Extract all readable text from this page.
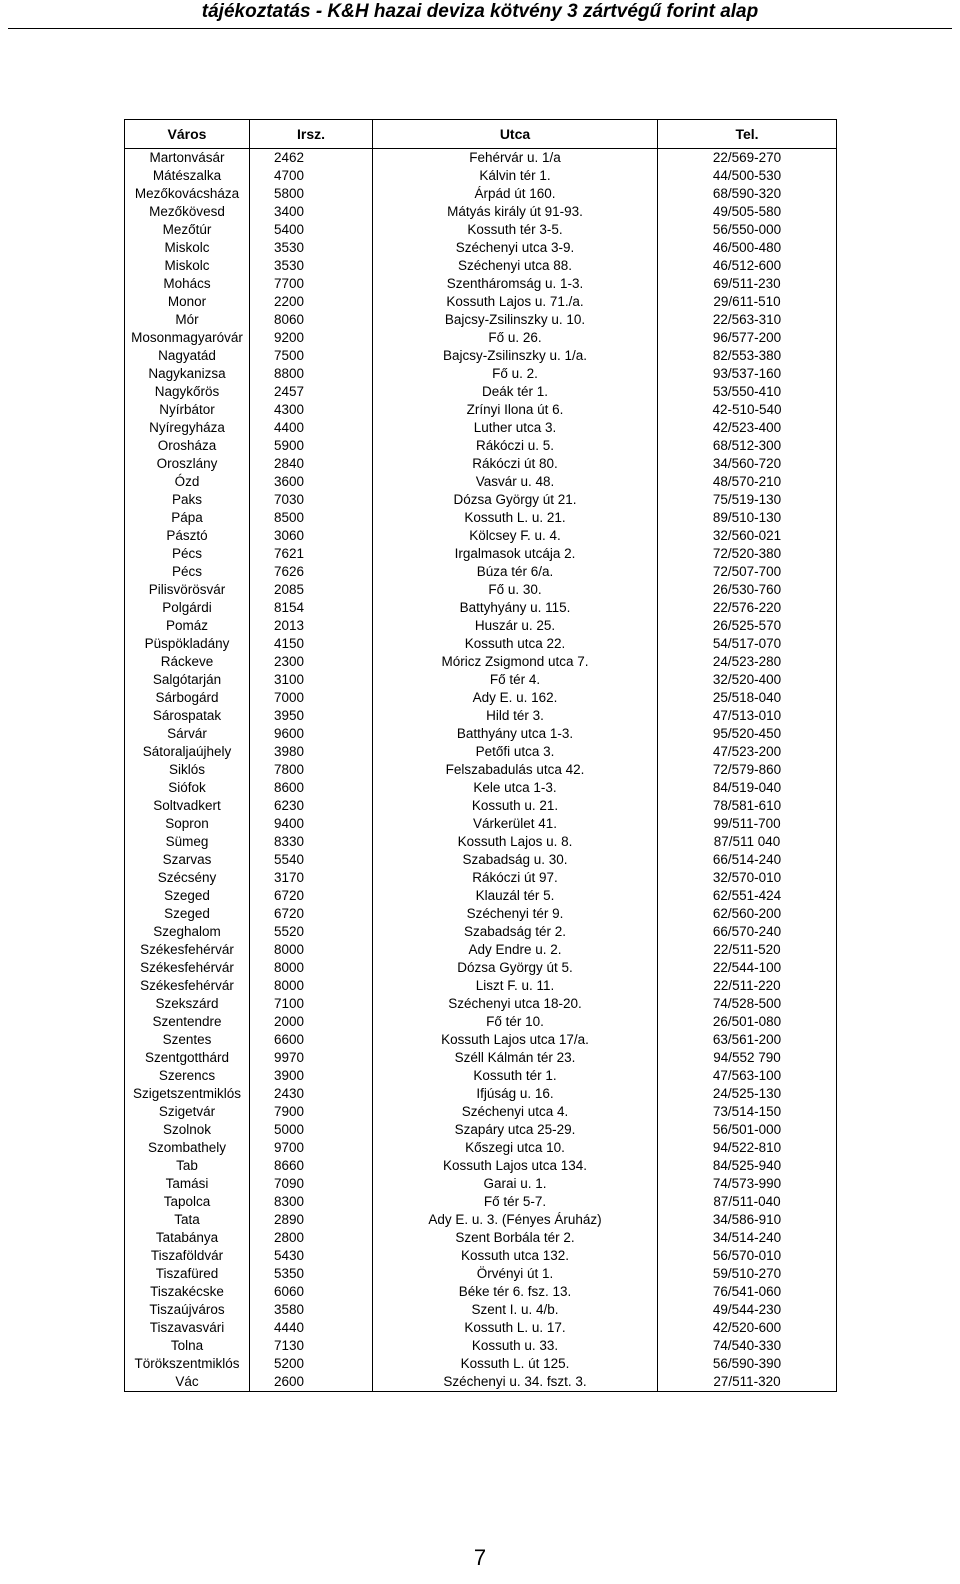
tájékoztatás - K&H hazai deviza kötvény 3 zártvégű forint alap
Város	Irsz.	Utca	Tel.
Martonvásár	2462	Fehérvár u. 1/a	22/569-270
Mátészalka	4700	Kálvin tér 1.	44/500-530
Mezőkovácsháza	5800	Árpád út 160.	68/590-320
Mezőkövesd	3400	Mátyás király út 91-93.	49/505-580
Mezőtúr	5400	Kossuth tér 3-5.	56/550-000
Miskolc	3530	Széchenyi utca 3-9.	46/500-480
Miskolc	3530	Széchenyi utca 88.	46/512-600
Mohács	7700	Szentháromság u. 1-3.	69/511-230
Monor	2200	Kossuth Lajos u. 71./a.	29/611-510
Mór	8060	Bajcsy-Zsilinszky u. 10.	22/563-310
Mosonmagyaróvár	9200	Fő u. 26.	96/577-200
Nagyatád	7500	Bajcsy-Zsilinszky u. 1/a.	82/553-380
Nagykanizsa	8800	Fő u. 2.	93/537-160
Nagykőrös	2457	Deák tér 1.	53/550-410
Nyírbátor	4300	Zrínyi Ilona út 6.	42-510-540
Nyíregyháza	4400	Luther utca 3.	42/523-400
Orosháza	5900	Rákóczi u. 5.	68/512-300
Oroszlány	2840	Rákóczi út 80.	34/560-720
Ózd	3600	Vasvár u. 48.	48/570-210
Paks	7030	Dózsa György út 21.	75/519-130
Pápa	8500	Kossuth L. u. 21.	89/510-130
Pásztó	3060	Kölcsey F. u. 4.	32/560-021
Pécs	7621	Irgalmasok utcája 2.	72/520-380
Pécs	7626	Búza tér 6/a.	72/507-700
Pilisvörösvár	2085	Fő u. 30.	26/530-760
Polgárdi	8154	Battyhyány u. 115.	22/576-220
Pomáz	2013	Huszár u. 25.	26/525-570
Püspökladány	4150	Kossuth utca 22.	54/517-070
Ráckeve	2300	Móricz Zsigmond utca 7.	24/523-280
Salgótarján	3100	Fő tér 4.	32/520-400
Sárbogárd	7000	Ady E. u. 162.	25/518-040
Sárospatak	3950	Hild tér 3.	47/513-010
Sárvár	9600	Batthyány utca 1-3.	95/520-450
Sátoraljaújhely	3980	Petőfi utca 3.	47/523-200
Siklós	7800	Felszabadulás utca 42.	72/579-860
Siófok	8600	Kele utca 1-3.	84/519-040
Soltvadkert	6230	Kossuth u. 21.	78/581-610
Sopron	9400	Várkerület 41.	99/511-700
Sümeg	8330	Kossuth Lajos u. 8.	87/511 040
Szarvas	5540	Szabadság u. 30.	66/514-240
Szécsény	3170	Rákóczi út 97.	32/570-010
Szeged	6720	Klauzál tér 5.	62/551-424
Szeged	6720	Széchenyi tér 9.	62/560-200
Szeghalom	5520	Szabadság tér 2.	66/570-240
Székesfehérvár	8000	Ady Endre u. 2.	22/511-520
Székesfehérvár	8000	Dózsa György út 5.	22/544-100
Székesfehérvár	8000	Liszt F. u. 11.	22/511-220
Szekszárd	7100	Széchenyi utca 18-20.	74/528-500
Szentendre	2000	Fő tér 10.	26/501-080
Szentes	6600	Kossuth Lajos utca 17/a.	63/561-200
Szentgotthárd	9970	Széll Kálmán tér 23.	94/552 790
Szerencs	3900	Kossuth tér 1.	47/563-100
Szigetszentmiklós	2430	Ifjúság u. 16.	24/525-130
Szigetvár	7900	Széchenyi utca 4.	73/514-150
Szolnok	5000	Szapáry utca 25-29.	56/501-000
Szombathely	9700	Kőszegi utca 10.	94/522-810
Tab	8660	Kossuth Lajos utca 134.	84/525-940
Tamási	7090	Garai u. 1.	74/573-990
Tapolca	8300	Fő tér 5-7.	87/511-040
Tata	2890	Ady E. u. 3. (Fényes Áruház)	34/586-910
Tatabánya	2800	Szent Borbála tér 2.	34/514-240
Tiszaföldvár	5430	Kossuth utca 132.	56/570-010
Tiszafüred	5350	Örvényi út 1.	59/510-270
Tiszakécske	6060	Béke tér 6. fsz. 13.	76/541-060
Tiszaújváros	3580	Szent I. u. 4/b.	49/544-230
Tiszavasvári	4440	Kossuth L. u. 17.	42/520-600
Tolna	7130	Kossuth u. 33.	74/540-330
Törökszentmiklós	5200	Kossuth L. út 125.	56/590-390
Vác	2600	Széchenyi u. 34. fszt. 3.	27/511-320
7
